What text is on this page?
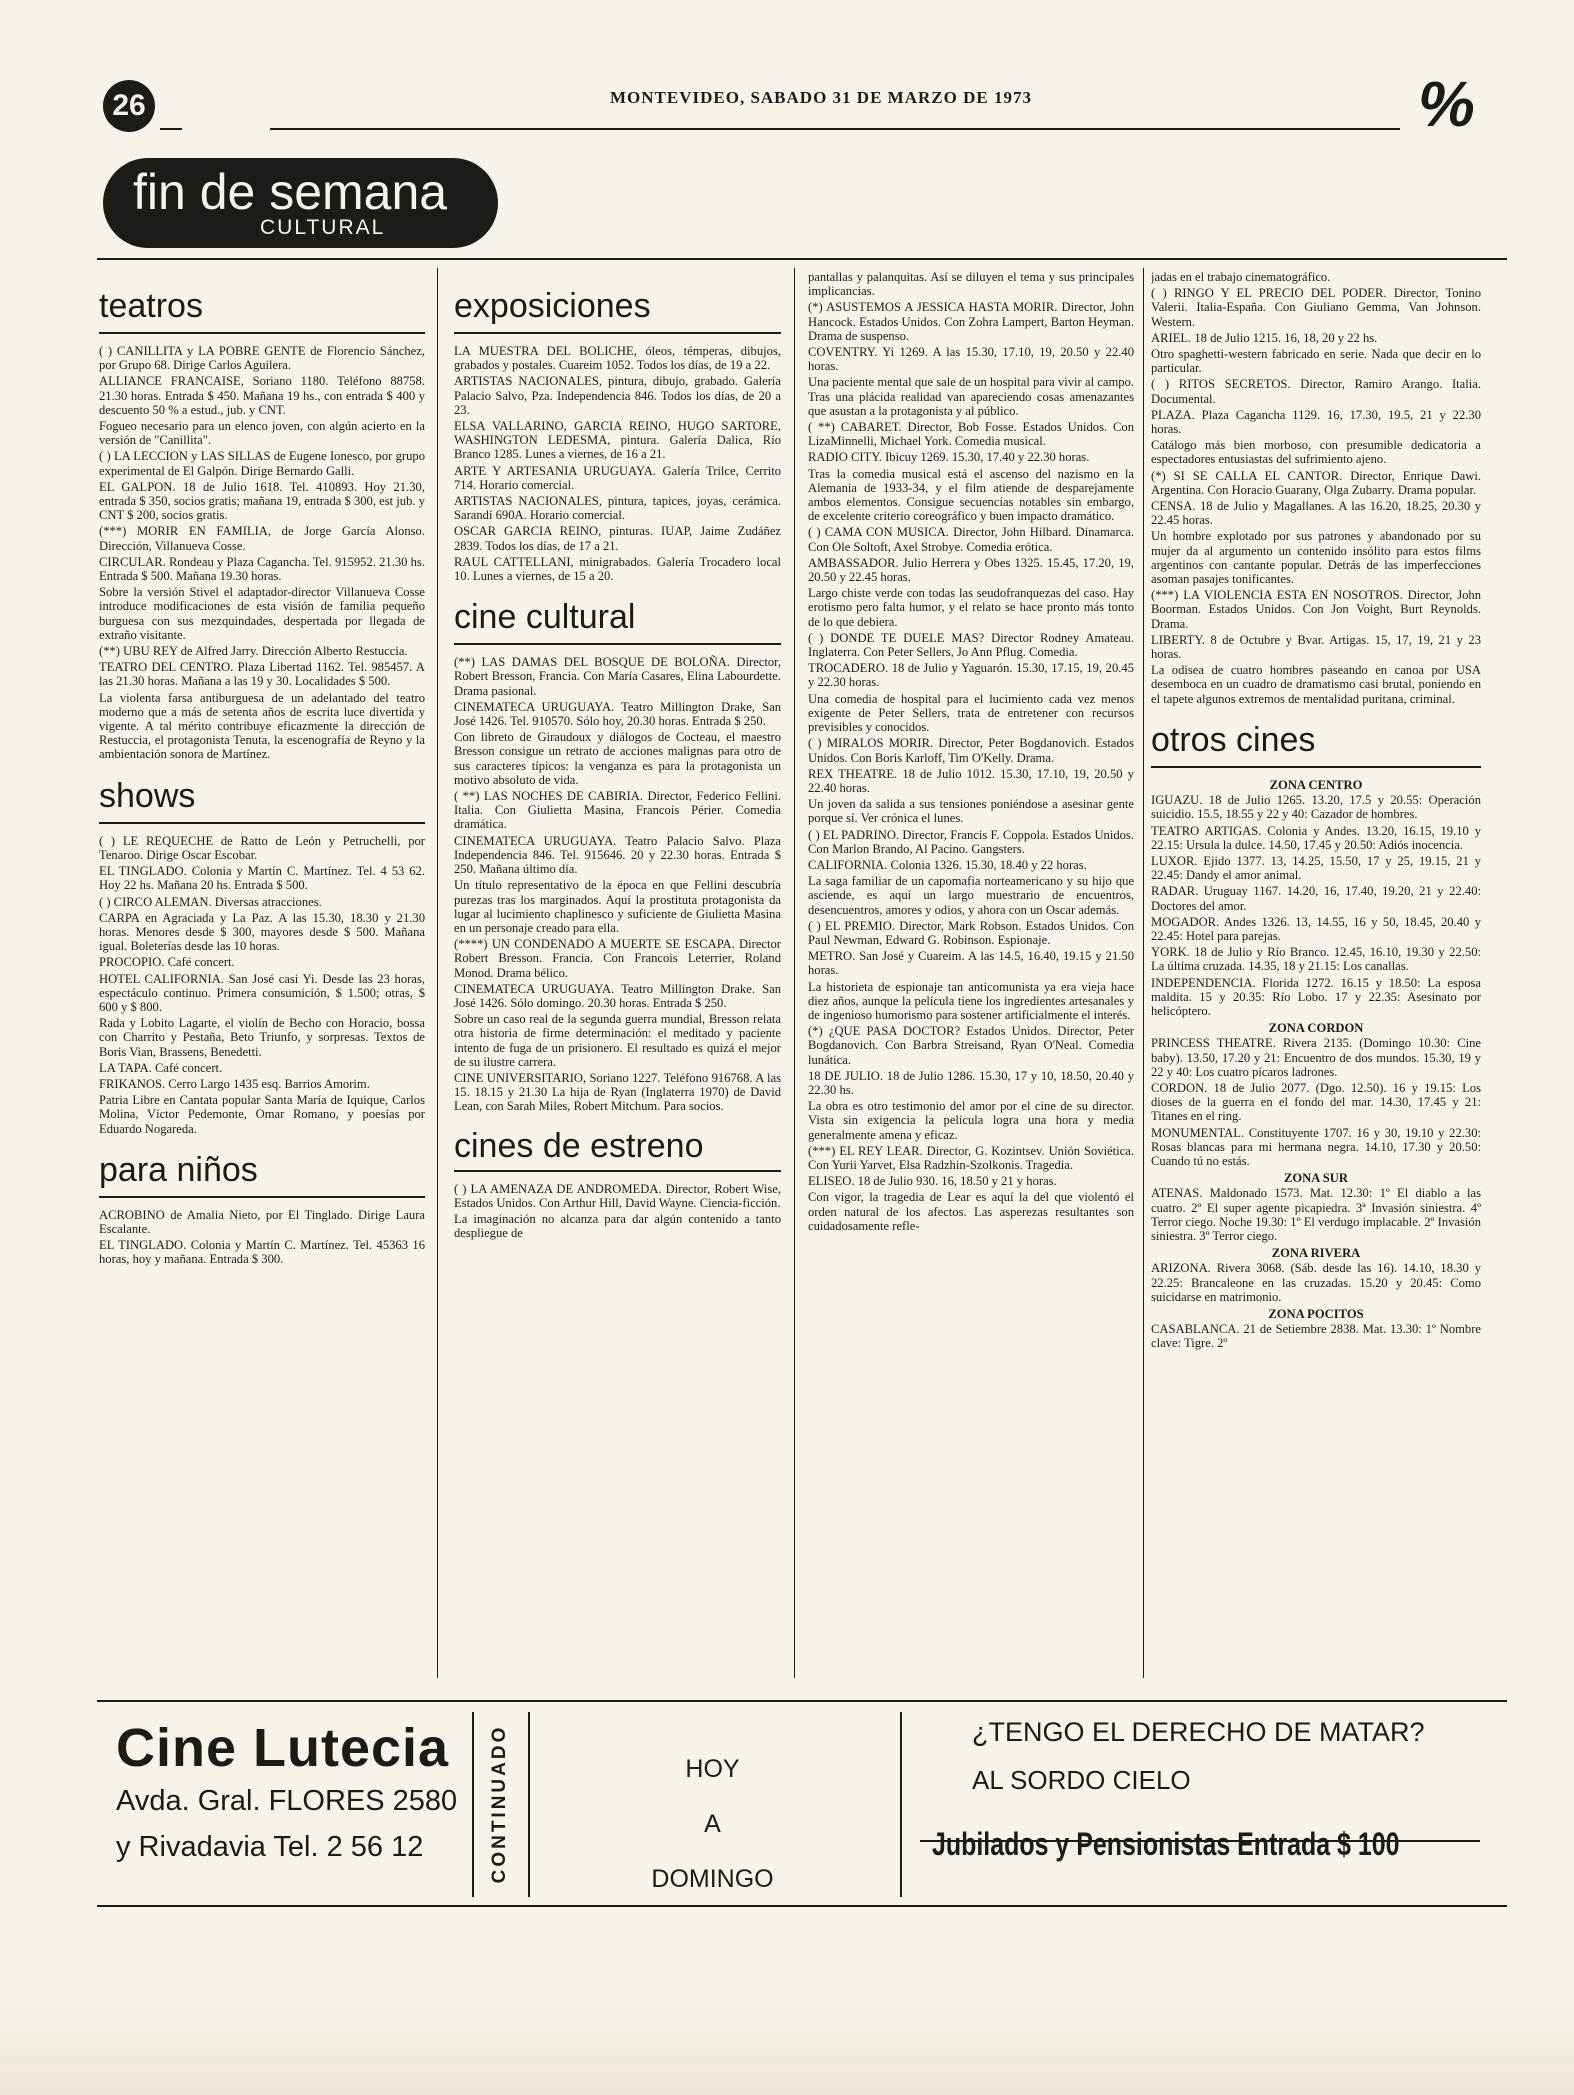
26	MONTEVIDEO, SABADO 31 DE MARZO DE 1973	%
fin de semana
CULTURAL
teatros
( ) CANILLITA y LA POBRE GENTE de Florencio Sánchez, por Grupo 68. Dirige Carlos Aguilera.
ALLIANCE FRANCAISE, Soriano 1180. Teléfono 88758. 21.30 horas. Entrada $ 450. Mañana 19 hs., con entrada $ 400 y descuento 50 % a estud., jub. y CNT.
Fogueo necesario para un elenco joven, con algún acierto en la versión de "Canillita".
( ) LA LECCION y LAS SILLAS de Eugene Ionesco, por grupo experimental de El Galpón. Dirige Bernardo Galli.
EL GALPON. 18 de Julio 1618. Tel. 410893. Hoy 21.30, entrada $ 350, socios gratis; mañana 19, entrada $ 300, est jub. y CNT $ 200, socios gratis.
(***) MORIR EN FAMILIA, de Jorge García Alonso. Dirección, Villanueva Cosse.
CIRCULAR. Rondeau y Plaza Cagancha. Tel. 915952. 21.30 hs. Entrada $ 500. Mañana 19.30 horas.
Sobre la versión Stivel el adaptador-director Villanueva Cosse introduce modificaciones de esta visión de familia pequeño burguesa con sus mezquindades, despertada por llegada de extraño visitante.
(**) UBU REY de Alfred Jarry. Dirección Alberto Restuccia.
TEATRO DEL CENTRO. Plaza Libertad 1162. Tel. 985457. A las 21.30 horas. Mañana a las 19 y 30. Localidades $ 500.
La violenta farsa antiburguesa de un adelantado del teatro moderno que a más de setenta años de escrita luce divertida y vigente. A tal mérito contribuye eficazmente la dirección de Restuccia, el protagonista Tenuta, la escenografía de Reyno y la ambientación sonora de Martínez.
shows
( ) LE REQUECHE de Ratto de León y Petruchelli, por Tenaroo. Dirige Oscar Escobar.
EL TINGLADO. Colonia y Martín C. Martínez. Tel. 4 53 62. Hoy 22 hs. Mañana 20 hs. Entrada $ 500.
( ) CIRCO ALEMAN. Diversas atracciones.
CARPA en Agraciada y La Paz. A las 15.30, 18.30 y 21.30 horas. Menores desde $ 300, mayores desde $ 500. Mañana igual. Boleterías desde las 10 horas.
PROCOPIO. Café concert.
HOTEL CALIFORNIA. San José casi Yi. Desde las 23 horas, espectáculo continuo. Primera consumición, $ 1.500; otras, $ 600 y $ 800.
Rada y Lobito Lagarte, el violín de Becho con Horacio, bossa con Charrito y Pestaña, Beto Triunfo, y sorpresas. Textos de Boris Vian, Brassens, Benedetti.
LA TAPA. Café concert.
FRIKANOS. Cerro Largo 1435 esq. Barrios Amorim.
Patria Libre en Cantata popular Santa María de Iquique, Carlos Molina, Víctor Pedemonte, Omar Romano, y poesías por Eduardo Nogareda.
para niños
ACROBINO de Amalia Nieto, por El Tinglado. Dirige Laura Escalante.
EL TINGLADO. Colonia y Martín C. Martínez. Tel. 45363 16 horas, hoy y mañana. Entrada $ 300.
exposiciones
LA MUESTRA DEL BOLICHE, óleos, témperas, dibujos, grabados y postales. Cuareim 1052. Todos los días, de 19 a 22.
ARTISTAS NACIONALES, pintura, dibujo, grabado. Galería Palacio Salvo, Pza. Independencia 846. Todos los días, de 20 a 23.
ELSA VALLARINO, GARCIA REINO, HUGO SARTORE, WASHINGTON LEDESMA, pintura. Galería Dalica, Río Branco 1285. Lunes a viernes, de 16 a 21.
ARTE Y ARTESANIA URUGUAYA. Galería Trilce, Cerrito 714. Horario comercial.
ARTISTAS NACIONALES, pintura, tapices, joyas, cerámica. Sarandí 690A. Horario comercial.
OSCAR GARCIA REINO, pinturas. IUAP, Jaime Zudáñez 2839. Todos los días, de 17 a 21.
RAUL CATTELLANI, minigrabados. Galería Trocadero local 10. Lunes a viernes, de 15 a 20.
cine cultural
(**) LAS DAMAS DEL BOSQUE DE BOLOÑA. Director, Robert Bresson, Francia. Con María Casares, Elina Labourdette. Drama pasional.
CINEMATECA URUGUAYA. Teatro Millington Drake, San José 1426. Tel. 910570. Sólo hoy, 20.30 horas. Entrada $ 250.
Con libreto de Giraudoux y diálogos de Cocteau, el maestro Bresson consigue un retrato de acciones malignas para otro de sus caracteres típicos: la venganza es para la protagonista un motivo absoluto de vida.
( **) LAS NOCHES DE CABIRIA. Director, Federico Fellini. Italia. Con Giulietta Masina, Francois Périer. Comedia dramática.
CINEMATECA URUGUAYA. Teatro Palacio Salvo. Plaza Independencia 846. Tel. 915646. 20 y 22.30 horas. Entrada $ 250. Mañana último día.
Un título representativo de la época en que Fellini descubría purezas tras los marginados. Aquí la prostituta protagonista da lugar al lucimiento chaplinesco y suficiente de Giulietta Masina en un personaje creado para ella.
(****) UN CONDENADO A MUERTE SE ESCAPA. Director Robert Bresson. Francia. Con Francois Leterrier, Roland Monod. Drama bélico.
CINEMATECA URUGUAYA. Teatro Millington Drake. San José 1426. Sólo domingo. 20.30 horas. Entrada $ 250.
Sobre un caso real de la segunda guerra mundial, Bresson relata otra historia de firme determinación: el meditado y paciente intento de fuga de un prisionero. El resultado es quizá el mejor de su ilustre carrera.
CINE UNIVERSITARIO, Soriano 1227. Teléfono 916768. A las 15. 18.15 y 21.30 La hija de Ryan (Inglaterra 1970) de David Lean, con Sarah Miles, Robert Mitchum. Para socios.
cines de estreno
( ) LA AMENAZA DE ANDROMEDA. Director, Robert Wise, Estados Unidos. Con Arthur Hill, David Wayne. Ciencia-ficción.
La imaginación no alcanza para dar algún contenido a tanto despliegue de
pantallas y palanquitas. Así se diluyen el tema y sus principales implicancias.
(*) ASUSTEMOS A JESSICA HASTA MORIR. Director, John Hancock. Estados Unidos. Con Zohra Lampert, Barton Heyman. Drama de suspenso.
COVENTRY. Yi 1269. A las 15.30, 17.10, 19, 20.50 y 22.40 horas.
Una paciente mental que sale de un hospital para vivir al campo. Tras una plácida realidad van apareciendo cosas amenazantes que asustan a la protagonista y al público.
( **) CABARET. Director, Bob Fosse. Estados Unidos. Con LizaMinnelli, Michael York. Comedia musical.
RADIO CITY. Ibicuy 1269. 15.30, 17.40 y 22.30 horas.
Tras la comedia musical está el ascenso del nazismo en la Alemania de 1933-34, y el film atiende de desparejamente ambos elementos. Consigue secuencias notables sin embargo, de excelente criterio coreográfico y buen impacto dramático.
( ) CAMA CON MUSICA. Director, John Hilbard. Dinamarca. Con Ole Soltoft, Axel Strobye. Comedia erótica.
AMBASSADOR. Julio Herrera y Obes 1325. 15.45, 17.20, 19, 20.50 y 22.45 horas.
Largo chiste verde con todas las seudofranquezas del caso. Hay erotismo pero falta humor, y el relato se hace pronto más tonto de lo que debiera.
( ) DONDE TE DUELE MAS? Director Rodney Amateau. Inglaterra. Con Peter Sellers, Jo Ann Pflug. Comedia.
TROCADERO. 18 de Julio y Yaguarón. 15.30, 17.15, 19, 20.45 y 22.30 horas.
Una comedia de hospital para el lucimiento cada vez menos exigente de Peter Sellers, trata de entretener con recursos previsibles y conocidos.
( ) MIRALOS MORIR. Director, Peter Bogdanovich. Estados Unidos. Con Boris Karloff, Tim O'Kelly. Drama.
REX THEATRE. 18 de Julio 1012. 15.30, 17.10, 19, 20.50 y 22.40 horas.
Un joven da salida a sus tensiones poniéndose a asesinar gente porque sí. Ver crónica el lunes.
( ) EL PADRINO. Director, Francis F. Coppola. Estados Unidos. Con Marlon Brando, Al Pacino. Gangsters.
CALIFORNIA. Colonia 1326. 15.30, 18.40 y 22 horas.
La saga familiar de un capomafia norteamericano y su hijo que asciende, es aquí un largo muestrario de encuentros, desencuentros, amores y odios, y ahora con un Oscar además.
( ) EL PREMIO. Director, Mark Robson. Estados Unidos. Con Paul Newman, Edward G. Robinson. Espionaje.
METRO. San José y Cuareim. A las 14.5, 16.40, 19.15 y 21.50 horas.
La historieta de espionaje tan anticomunista ya era vieja hace diez años, aunque la película tiene los ingredientes artesanales y de ingenioso humorismo para sostener artificialmente el interés.
(*) ¿QUE PASA DOCTOR? Estados Unidos. Director, Peter Bogdanovich. Con Barbra Streisand, Ryan O'Neal. Comedia lunática.
18 DE JULIO. 18 de Julio 1286. 15.30, 17 y 10, 18.50, 20.40 y 22.30 hs.
La obra es otro testimonio del amor por el cine de su director. Vista sin exigencia la película logra una hora y media generalmente amena y eficaz.
(***) EL REY LEAR. Director, G. Kozintsev. Unión Soviética. Con Yurii Yarvet, Elsa Radzhin-Szolkonis. Tragedia.
ELISEO. 18 de Julio 930. 16, 18.50 y 21 y horas.
Con vigor, la tragedia de Lear es aquí la del que violentó el orden natural de los afectos. Las asperezas resultantes son cuidadosamente refle-
jadas en el trabajo cinematográfico.
( ) RINGO Y EL PRECIO DEL PODER. Director, Tonino Valerii. Italia-España. Con Giuliano Gemma, Van Johnson. Western.
ARIEL. 18 de Julio 1215. 16, 18, 20 y 22 hs.
Otro spaghetti-western fabricado en serie. Nada que decir en lo particular.
( ) RITOS SECRETOS. Director, Ramiro Arango. Italia. Documental.
PLAZA. Plaza Cagancha 1129. 16, 17.30, 19.5, 21 y 22.30 horas.
Catálogo más bien morboso, con presumible dedicatoria a espectadores entusiastas del sufrimiento ajeno.
(*) SI SE CALLA EL CANTOR. Director, Enrique Dawi. Argentina. Con Horacio Guarany, Olga Zubarry. Drama popular.
CENSA. 18 de Julio y Magallanes. A las 16.20, 18.25, 20.30 y 22.45 horas.
Un hombre explotado por sus patrones y abandonado por su mujer da al argumento un contenido insólito para estos films argentinos con cantante popular. Detrás de las imperfecciones asoman pasajes tonificantes.
(***) LA VIOLENCIA ESTA EN NOSOTROS. Director, John Boorman. Estados Unidos. Con Jon Voight, Burt Reynolds. Drama.
LIBERTY. 8 de Octubre y Bvar. Artigas. 15, 17, 19, 21 y 23 horas.
La odisea de cuatro hombres paseando en canoa por USA desemboca en un cuadro de dramatismo casi brutal, poniendo en el tapete algunos extremos de mentalidad puritana, criminal.
otros cines
ZONA CENTRO
IGUAZU. 18 de Julio 1265. 13.20, 17.5 y 20.55: Operación suicidio. 15.5, 18.55 y 22 y 40: Cazador de hombres.
TEATRO ARTIGAS. Colonia y Andes. 13.20, 16.15, 19.10 y 22.15: Ursula la dulce. 14.50, 17.45 y 20.50: Adiós inocencia.
LUXOR. Ejido 1377. 13, 14.25, 15.50, 17 y 25, 19.15, 21 y 22.45: Dandy el amor animal.
RADAR. Uruguay 1167. 14.20, 16, 17.40, 19.20, 21 y 22.40: Doctores del amor.
MOGADOR. Andes 1326. 13, 14.55, 16 y 50, 18.45, 20.40 y 22.45: Hotel para parejas.
YORK. 18 de Julio y Río Branco. 12.45, 16.10, 19.30 y 22.50: La última cruzada. 14.35, 18 y 21.15: Los canallas.
INDEPENDENCIA. Florida 1272. 16.15 y 18.50: La esposa maldita. 15 y 20.35: Río Lobo. 17 y 22.35: Asesinato por helicóptero.
ZONA CORDON
PRINCESS THEATRE. Rivera 2135. (Domingo 10.30: Cine baby). 13.50, 17.20 y 21: Encuentro de dos mundos. 15.30, 19 y 22 y 40: Los cuatro pícaros ladrones.
CORDON. 18 de Julio 2077. (Dgo. 12.50). 16 y 19.15: Los dioses de la guerra en el fondo del mar. 14.30, 17.45 y 21: Titanes en el ring.
MONUMENTAL. Constituyente 1707. 16 y 30, 19.10 y 22.30: Rosas blancas para mi hermana negra. 14.10, 17.30 y 20.50: Cuando tú no estás.
ZONA SUR
ATENAS. Maldonado 1573. Mat. 12.30: 1º El diablo a las cuatro. 2º El super agente picapiedra. 3ª Invasión siniestra. 4º Terror ciego. Noche 19.30: 1º El verdugo implacable. 2º Invasión siniestra. 3º Terror ciego.
ZONA RIVERA
ARIZONA. Rivera 3068. (Sáb. desde las 16). 14.10, 18.30 y 22.25: Brancaleone en las cruzadas. 15.20 y 20.45: Como suicidarse en matrimonio.
ZONA POCITOS
CASABLANCA. 21 de Setiembre 2838. Mat. 13.30: 1º Nombre clave: Tigre. 2º
Cine Lutecia
Avda. Gral. FLORES 2580
y Rivadavia Tel. 2 56 12	CONTINUADO	HOY
A
DOMINGO
¿TENGO EL DERECHO DE MATAR?
AL SORDO CIELO
Jubilados y Pensionistas Entrada $ 100
